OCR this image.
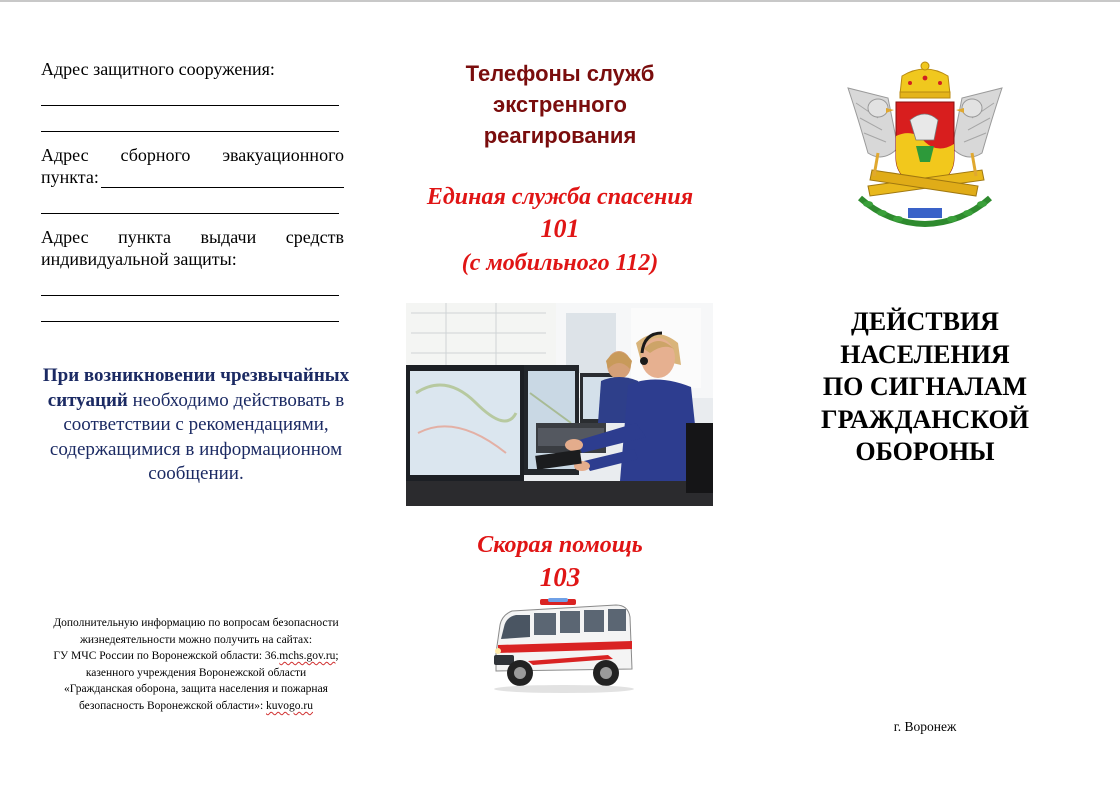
Адрес защитного сооружения:
Адрес сборного эвакуационного
пункта:
Адрес пункта выдачи средств
индивидуальной защиты:
При возникновении чрезвычайных ситуаций необходимо действовать в соответствии с рекомендациями, содержащимися в информационном сообщении.
Дополнительную информацию по вопросам безопасности
жизнедеятельности можно получить на сайтах:
ГУ МЧС России по Воронежской области: 36.mchs.gov.ru;
казенного учреждения Воронежской области
«Гражданская оборона, защита населения и пожарная
безопасность Воронежской области»: kuvogo.ru
Телефоны служб экстренного реагирования
Единая служба спасения
101
(с мобильного 112)
Скорая помощь
103
ДЕЙСТВИЯ
НАСЕЛЕНИЯ
ПО СИГНАЛАМ
ГРАЖДАНСКОЙ
ОБОРОНЫ
г. Воронеж
